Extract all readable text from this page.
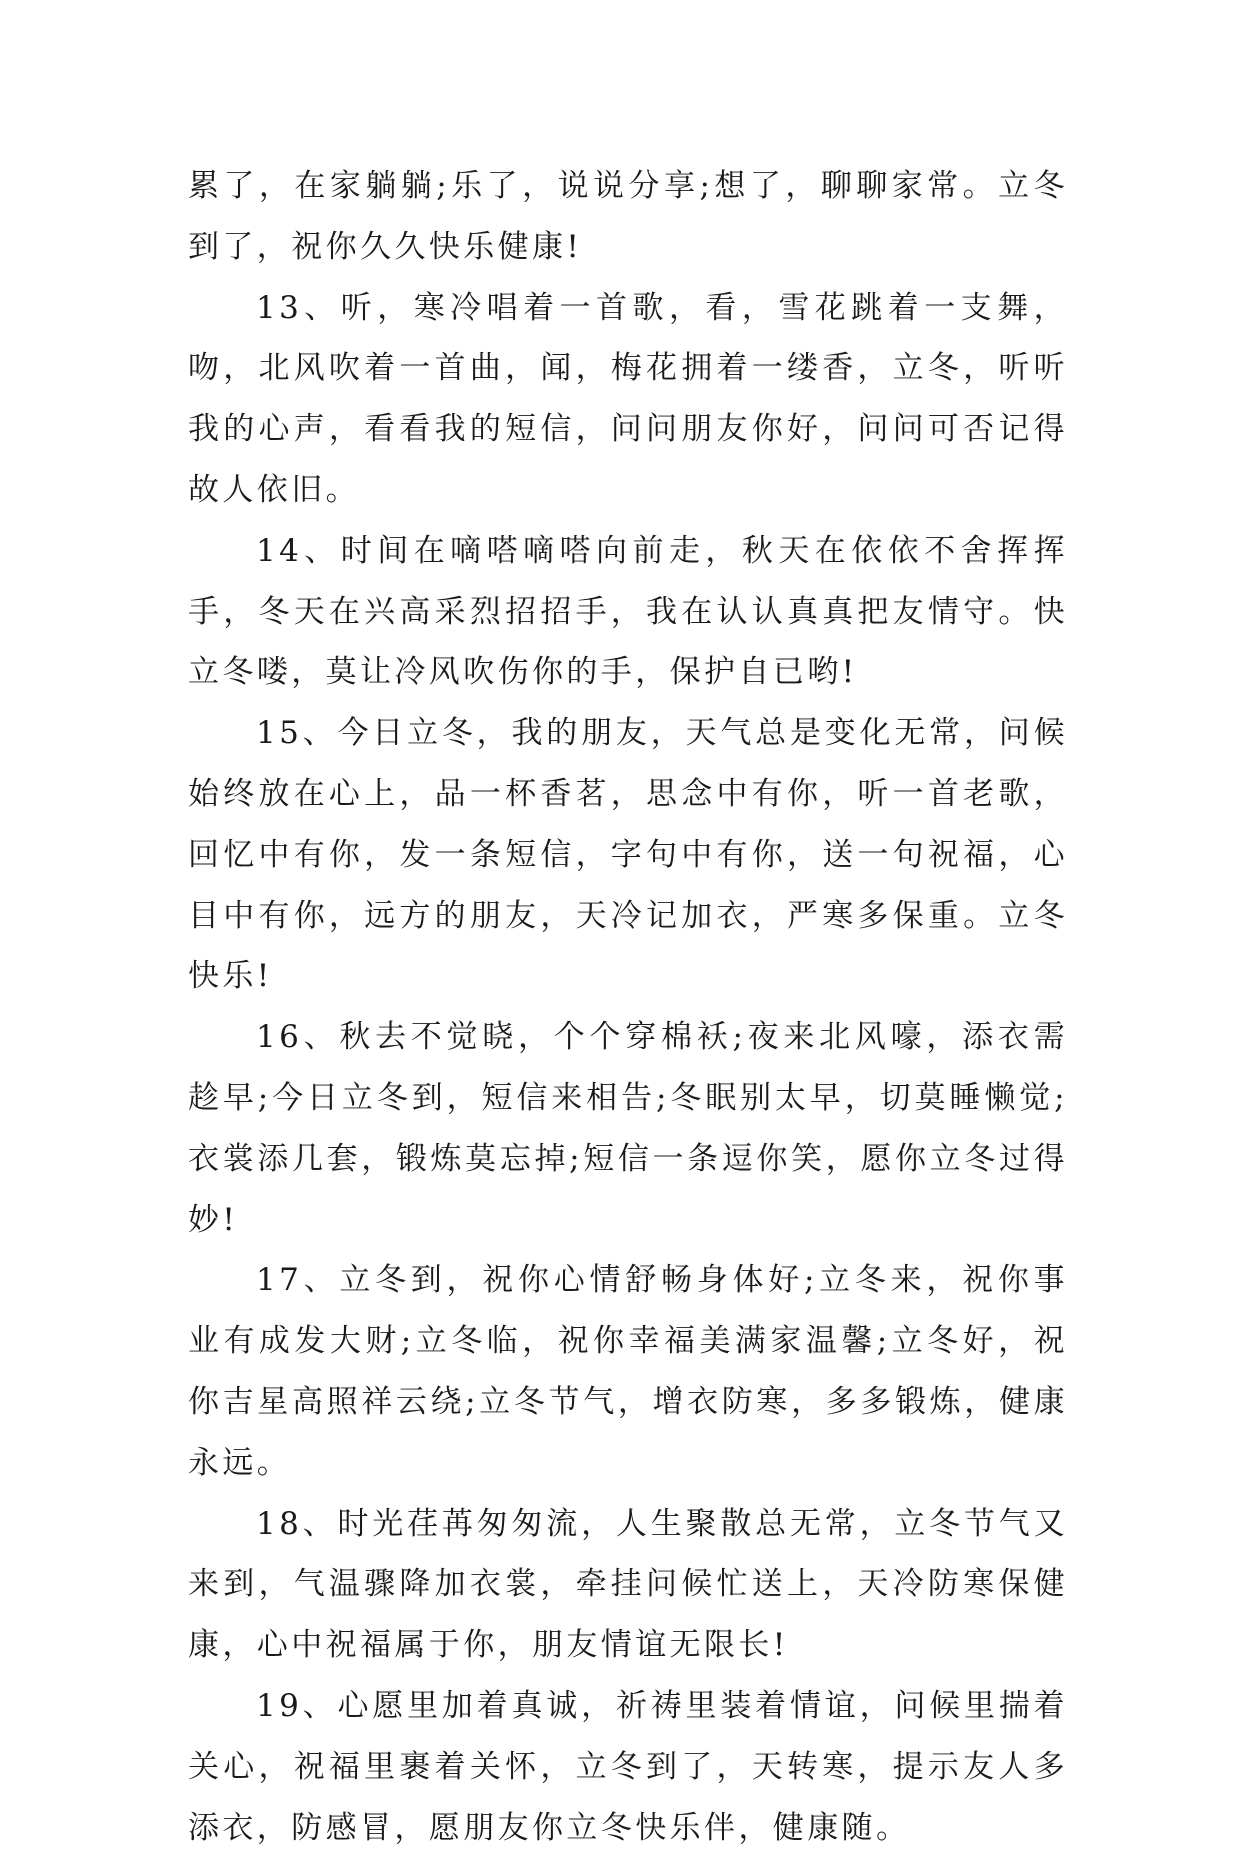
累了，在家躺躺;乐了，说说分享;想了，聊聊家常。立冬到了，祝你久久快乐健康!

13、听，寒冷唱着一首歌，看，雪花跳着一支舞，吻，北风吹着一首曲，闻，梅花拥着一缕香，立冬，听听我的心声，看看我的短信，问问朋友你好，问问可否记得故人依旧。

14、时间在嘀嗒嘀嗒向前走，秋天在依依不舍挥挥手，冬天在兴高采烈招招手，我在认认真真把友情守。快立冬喽，莫让冷风吹伤你的手，保护自已哟!

15、今日立冬，我的朋友，天气总是变化无常，问候始终放在心上，品一杯香茗，思念中有你，听一首老歌，回忆中有你，发一条短信，字句中有你，送一句祝福，心目中有你，远方的朋友，天冷记加衣，严寒多保重。立冬快乐!

16、秋去不觉晓，个个穿棉袄;夜来北风嚎，添衣需趁早;今日立冬到，短信来相告;冬眠别太早，切莫睡懒觉;衣裳添几套，锻炼莫忘掉;短信一条逗你笑，愿你立冬过得妙!

17、立冬到，祝你心情舒畅身体好;立冬来，祝你事业有成发大财;立冬临，祝你幸福美满家温馨;立冬好，祝你吉星高照祥云绕;立冬节气，增衣防寒，多多锻炼，健康永远。

18、时光荏苒匆匆流，人生聚散总无常，立冬节气又来到，气温骤降加衣裳，牵挂问候忙送上，天冷防寒保健康，心中祝福属于你，朋友情谊无限长!

19、心愿里加着真诚，祈祷里装着情谊，问候里揣着关心，祝福里裹着关怀，立冬到了，天转寒，提示友人多添衣，防感冒，愿朋友你立冬快乐伴，健康随。
